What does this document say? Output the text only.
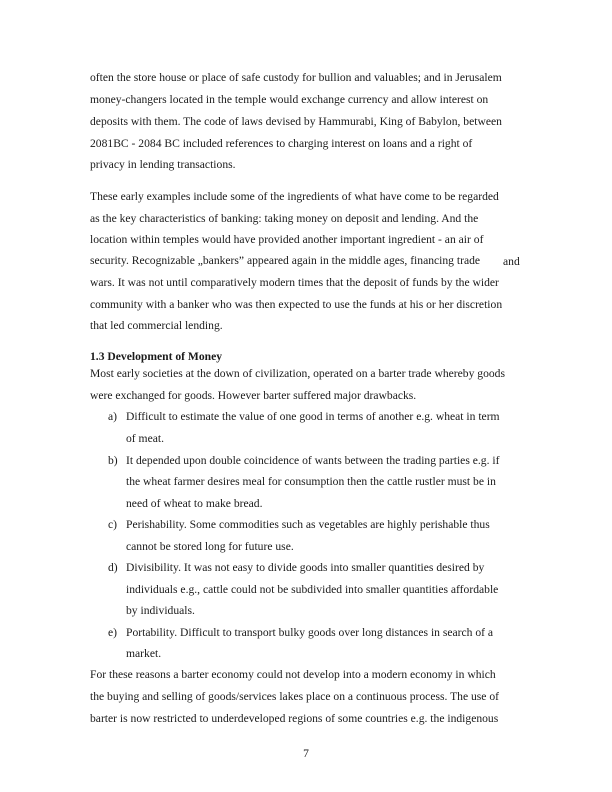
often the store house or place of safe custody for bullion and valuables; and in Jerusalem
money-changers located in the temple would exchange currency and allow interest on
deposits with them. The code of laws devised by Hammurabi, King of Babylon, between
2081BC - 2084 BC included references to charging interest on loans and a right of
privacy in lending transactions.
These early examples include some of the ingredients of what have come to be regarded
as the key characteristics of banking: taking money on deposit and lending. And the
location within temples would have provided another important ingredient - an air of
security. Recognizable „bankers” appeared again in the middle ages, financing trade and
wars. It was not until comparatively modern times that the deposit of funds by the wider
community with a banker who was then expected to use the funds at his or her discretion
that led commercial lending.
1.3 Development of Money
Most early societies at the down of civilization, operated on a barter trade whereby goods
were exchanged for goods. However barter suffered major drawbacks.
a) Difficult to estimate the value of one good in terms of another e.g. wheat in term
of meat.
b) It depended upon double coincidence of wants between the trading parties e.g. if
the wheat farmer desires meal for consumption then the cattle rustler must be in
need of wheat to make bread.
c) Perishability. Some commodities such as vegetables are highly perishable thus
cannot be stored long for future use.
d) Divisibility. It was not easy to divide goods into smaller quantities desired by
individuals e.g., cattle could not be subdivided into smaller quantities affordable
by individuals.
e) Portability. Difficult to transport bulky goods over long distances in search of a
market.
For these reasons a barter economy could not develop into a modern economy in which
the buying and selling of goods/services lakes place on a continuous process. The use of
barter is now restricted to underdeveloped regions of some countries e.g. the indigenous
7
